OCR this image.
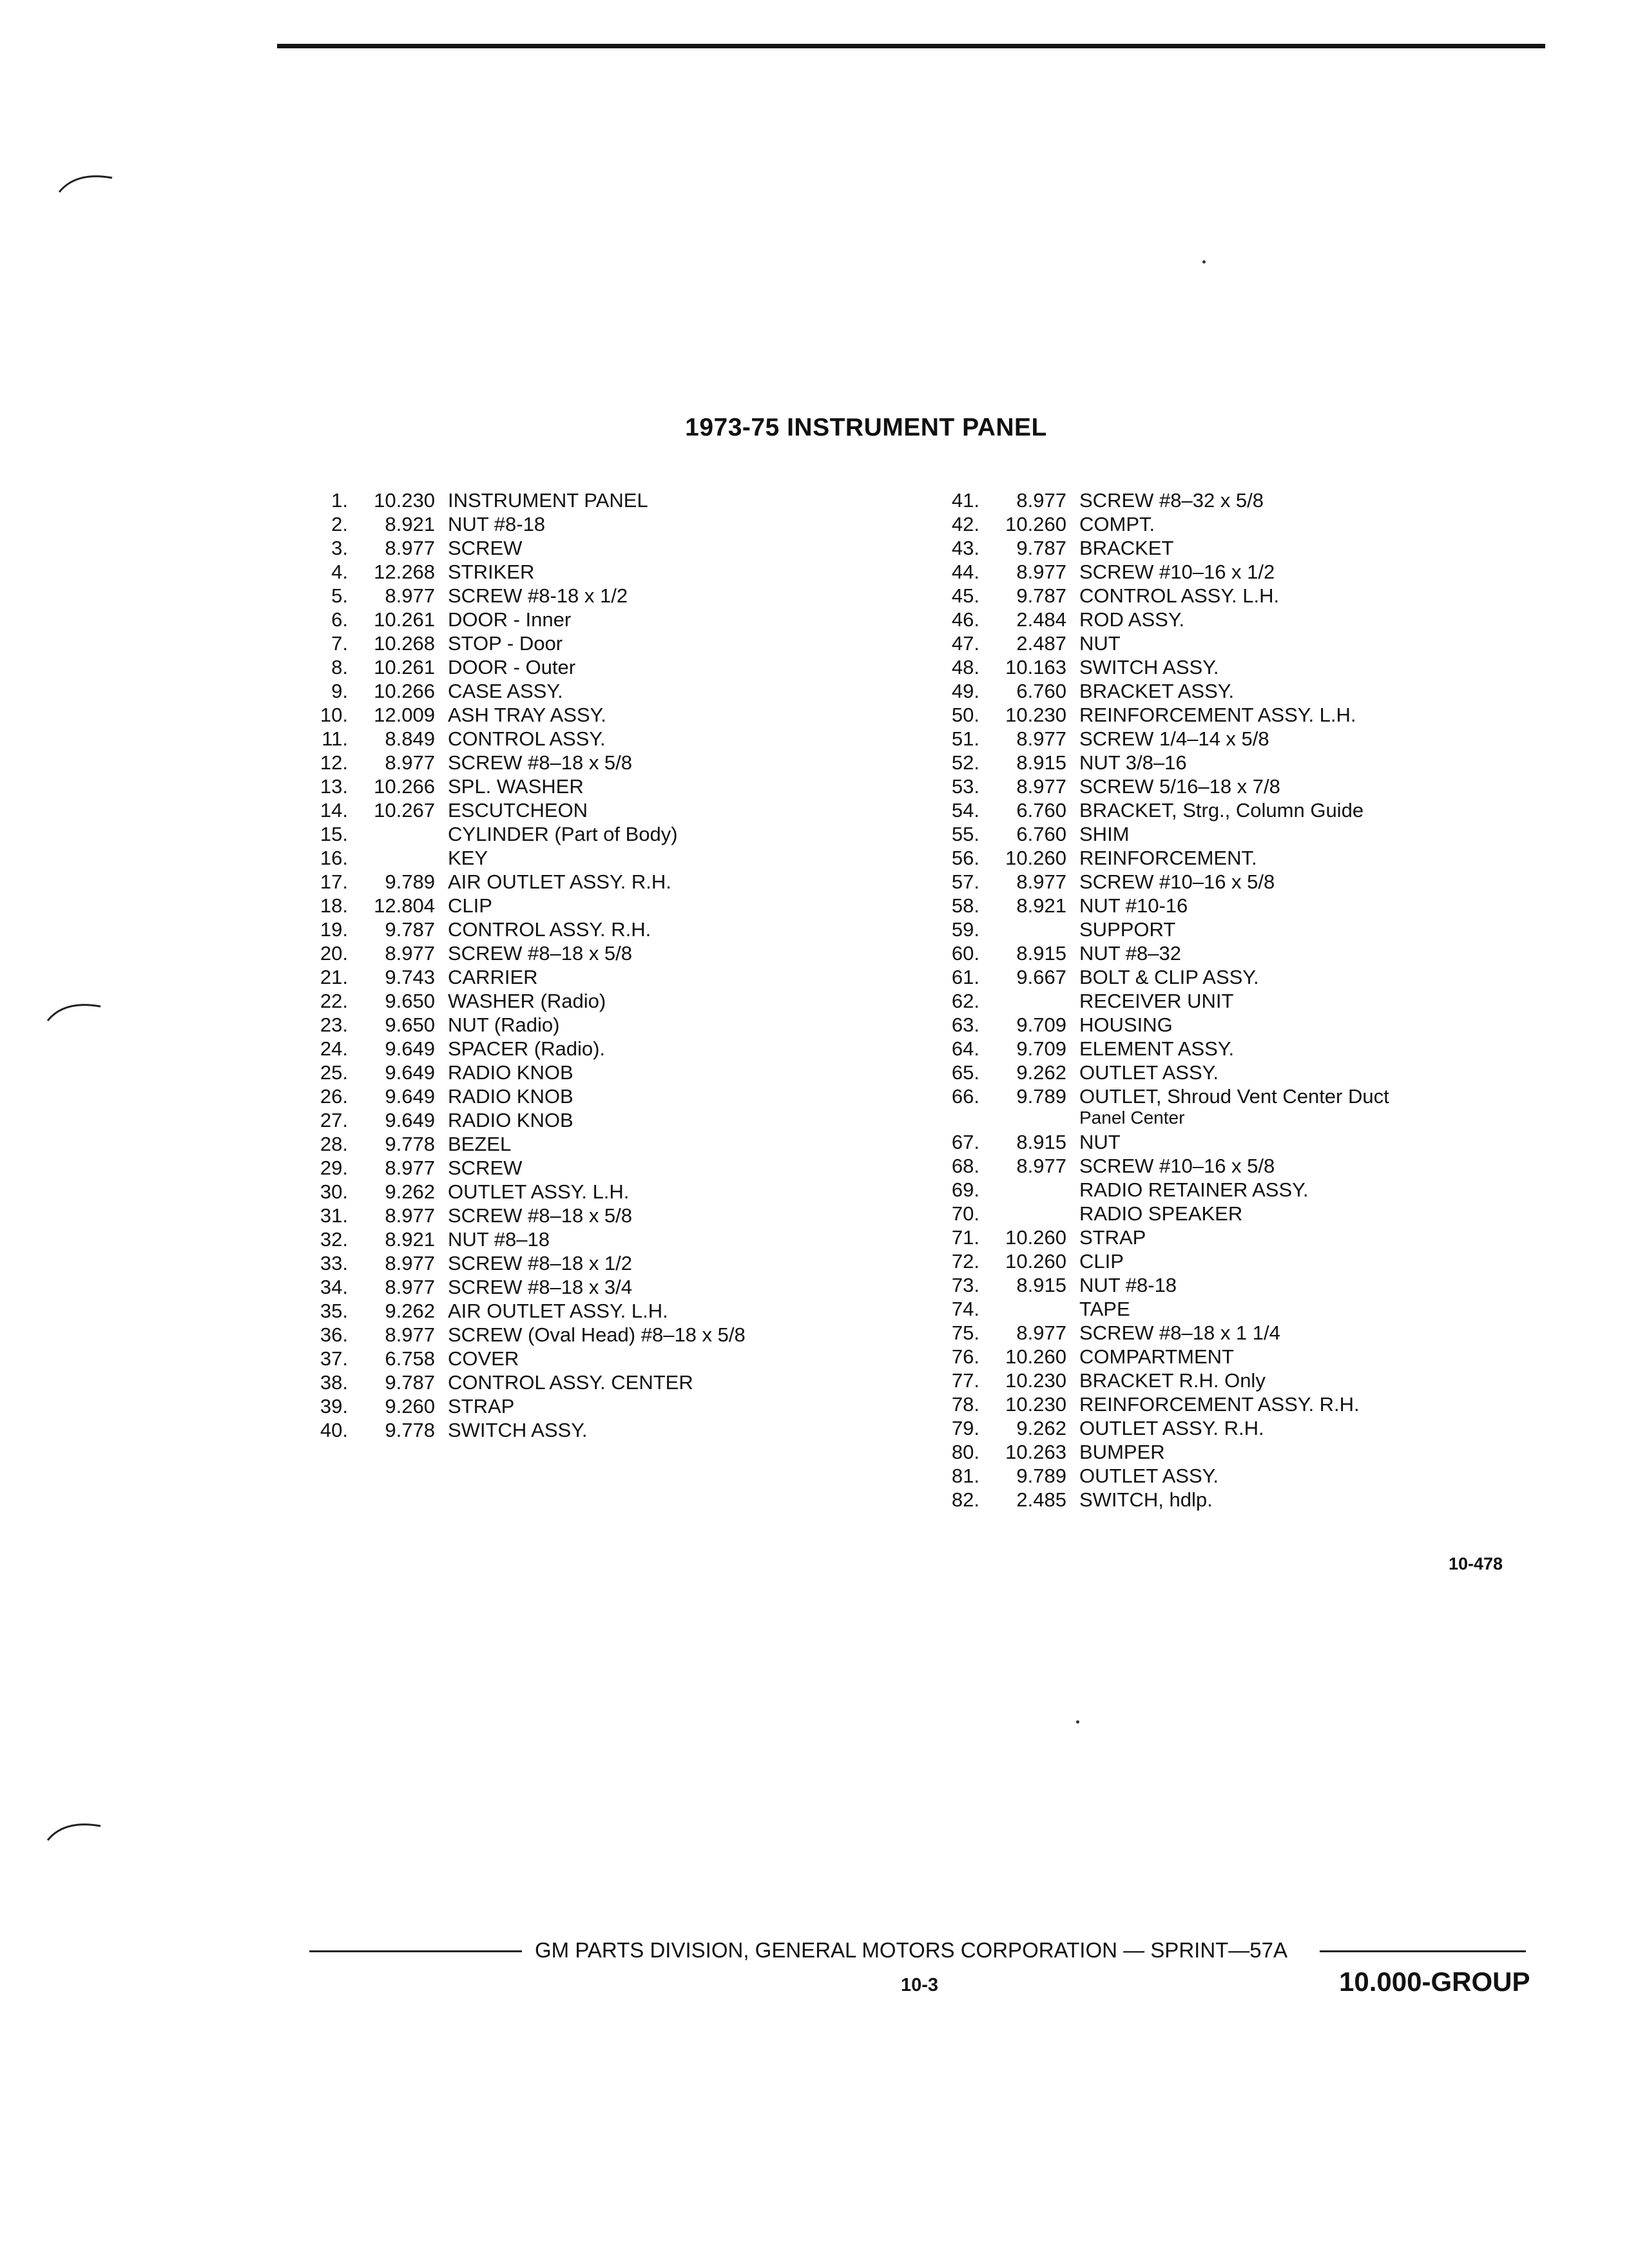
1973-75 INSTRUMENT PANEL
1. 10.230 INSTRUMENT PANEL
2. 8.921 NUT #8-18
3. 8.977 SCREW
4. 12.268 STRIKER
5. 8.977 SCREW #8-18 x 1/2
6. 10.261 DOOR - Inner
7. 10.268 STOP - Door
8. 10.261 DOOR - Outer
9. 10.266 CASE ASSY.
10. 12.009 ASH TRAY ASSY.
11. 8.849 CONTROL ASSY.
12. 8.977 SCREW #8–18 x 5/8
13. 10.266 SPL. WASHER
14. 10.267 ESCUTCHEON
15.	CYLINDER (Part of Body)
16.	KEY
17. 9.789 AIR OUTLET ASSY. R.H.
18. 12.804 CLIP
19. 9.787 CONTROL ASSY. R.H.
20. 8.977 SCREW #8–18 x 5/8
21. 9.743 CARRIER
22. 9.650 WASHER (Radio)
23. 9.650 NUT (Radio)
24. 9.649 SPACER (Radio).
25. 9.649 RADIO KNOB
26. 9.649 RADIO KNOB
27. 9.649 RADIO KNOB
28. 9.778 BEZEL
29. 8.977 SCREW
30. 9.262 OUTLET ASSY. L.H.
31. 8.977 SCREW #8–18 x 5/8
32. 8.921 NUT #8–18
33. 8.977 SCREW #8–18 x 1/2
34. 8.977 SCREW #8–18 x 3/4
35. 9.262 AIR OUTLET ASSY. L.H.
36. 8.977 SCREW (Oval Head) #8–18 x 5/8
37. 6.758 COVER
38. 9.787 CONTROL ASSY. CENTER
39. 9.260 STRAP
40. 9.778 SWITCH ASSY.
41. 8.977 SCREW #8–32 x 5/8
42. 10.260 COMPT.
43. 9.787 BRACKET
44. 8.977 SCREW #10–16 x 1/2
45. 9.787 CONTROL ASSY. L.H.
46. 2.484 ROD ASSY.
47. 2.487 NUT
48. 10.163 SWITCH ASSY.
49. 6.760 BRACKET ASSY.
50. 10.230 REINFORCEMENT ASSY. L.H.
51. 8.977 SCREW 1/4–14 x 5/8
52. 8.915 NUT 3/8–16
53. 8.977 SCREW 5/16–18 x 7/8
54. 6.760 BRACKET, Strg., Column Guide
55. 6.760 SHIM
56. 10.260 REINFORCEMENT.
57. 8.977 SCREW #10–16 x 5/8
58. 8.921 NUT #10-16
59.	SUPPORT
60. 8.915 NUT #8–32
61. 9.667 BOLT & CLIP ASSY.
62.	RECEIVER UNIT
63. 9.709 HOUSING
64. 9.709 ELEMENT ASSY.
65. 9.262 OUTLET ASSY.
66. 9.789 OUTLET, Shroud Vent Center Duct
Panel Center
67. 8.915 NUT
68. 8.977 SCREW #10–16 x 5/8
69.	RADIO RETAINER ASSY.
70.	RADIO SPEAKER
71. 10.260 STRAP
72. 10.260 CLIP
73. 8.915 NUT #8-18
74.	TAPE
75. 8.977 SCREW #8–18 x 1 1/4
76. 10.260 COMPARTMENT
77. 10.230 BRACKET R.H. Only
78. 10.230 REINFORCEMENT ASSY. R.H.
79. 9.262 OUTLET ASSY. R.H.
80. 10.263 BUMPER
81. 9.789 OUTLET ASSY.
82. 2.485 SWITCH, hdlp.
10-478
GM PARTS DIVISION, GENERAL MOTORS CORPORATION — SPRINT—57A
10-3	10.000-GROUP
